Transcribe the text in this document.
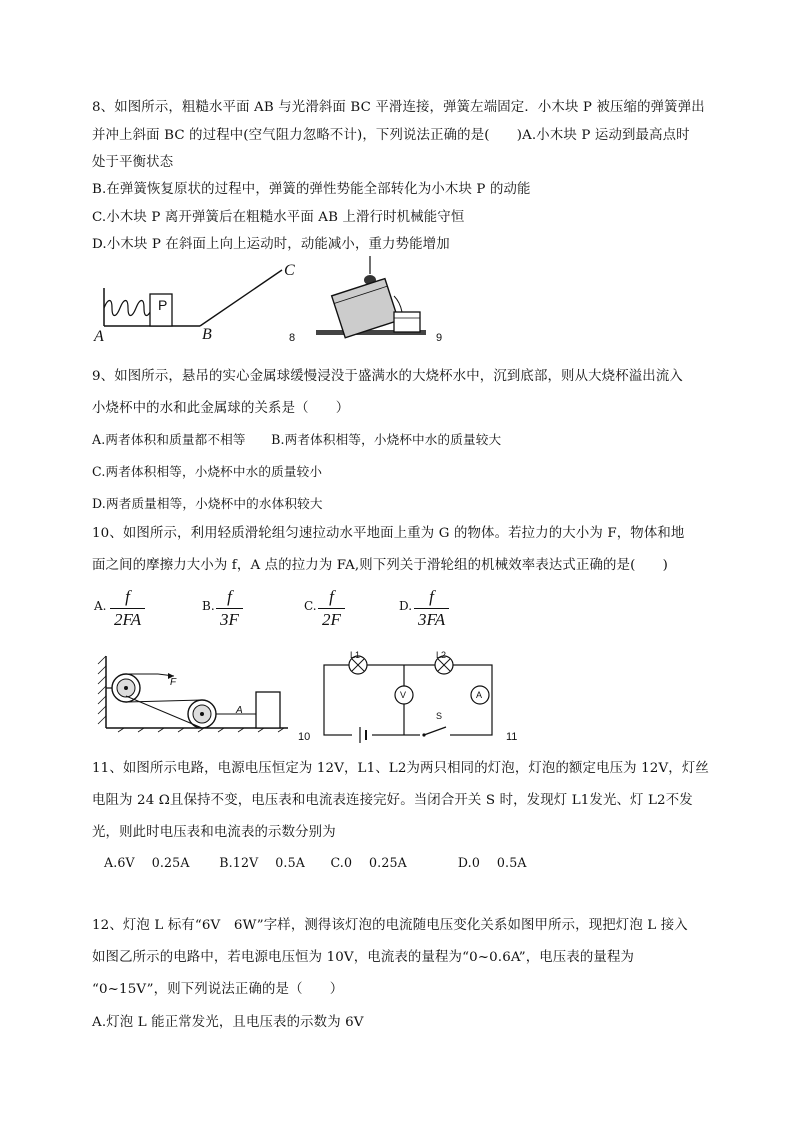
8、如图所示，粗糙水平面 AB 与光滑斜面 BC 平滑连接，弹簧左端固定．小木块 P 被压缩的弹簧弹出
并冲上斜面 BC 的过程中(空气阻力忽略不计)，下列说法正确的是(　　)A.小木块 P 运动到最高点时
处于平衡状态
B.在弹簧恢复原状的过程中，弹簧的弹性势能全部转化为小木块 P 的动能
C.小木块 P 离开弹簧后在粗糙水平面 AB 上滑行时机械能守恒
D.小木块 P 在斜面上向上运动时，动能减小，重力势能增加
P
A	B
C
8	9
9、如图所示，悬吊的实心金属球缓慢浸没于盛满水的大烧杯水中，沉到底部，则从大烧杯溢出流入
小烧杯中的水和此金属球的关系是（　　）
A.两者体积和质量都不相等　　B.两者体积相等，小烧杯中水的质量较大
C.两者体积相等，小烧杯中水的质量较小
D.两者质量相等，小烧杯中的水体积较大
10、如图所示，利用轻质滑轮组匀速拉动水平地面上重为 G 的物体。若拉力的大小为 F，物体和地
面之间的摩擦力大小为 f，A 点的拉力为 FA,则下列关于滑轮组的机械效率表达式正确的是(　　)
A.	f
2FA
B. f
3F
C. f
2F
D.	f
3FA
F
A
10
L1	L2
V	A
S
11
11、如图所示电路，电源电压恒定为 12V，L1、L2为两只相同的灯泡，灯泡的额定电压为 12V，灯丝
电阻为 24 Ω且保持不变，电压表和电流表连接完好。当闭合开关 S 时，发现灯 L1发光、灯 L2不发
光，则此时电压表和电流表的示数分别为
A.6V　 0.25A　　 B.12V　 0.5A　　C.0　 0.25A　　　　D.0　 0.5A
12、灯泡 L 标有“6V　6W”字样，测得该灯泡的电流随电压变化关系如图甲所示，现把灯泡 L 接入
如图乙所示的电路中，若电源电压恒为 10V，电流表的量程为“0~0.6A”，电压表的量程为
“0~15V”，则下列说法正确的是（　　）
A.灯泡 L 能正常发光，且电压表的示数为 6V
